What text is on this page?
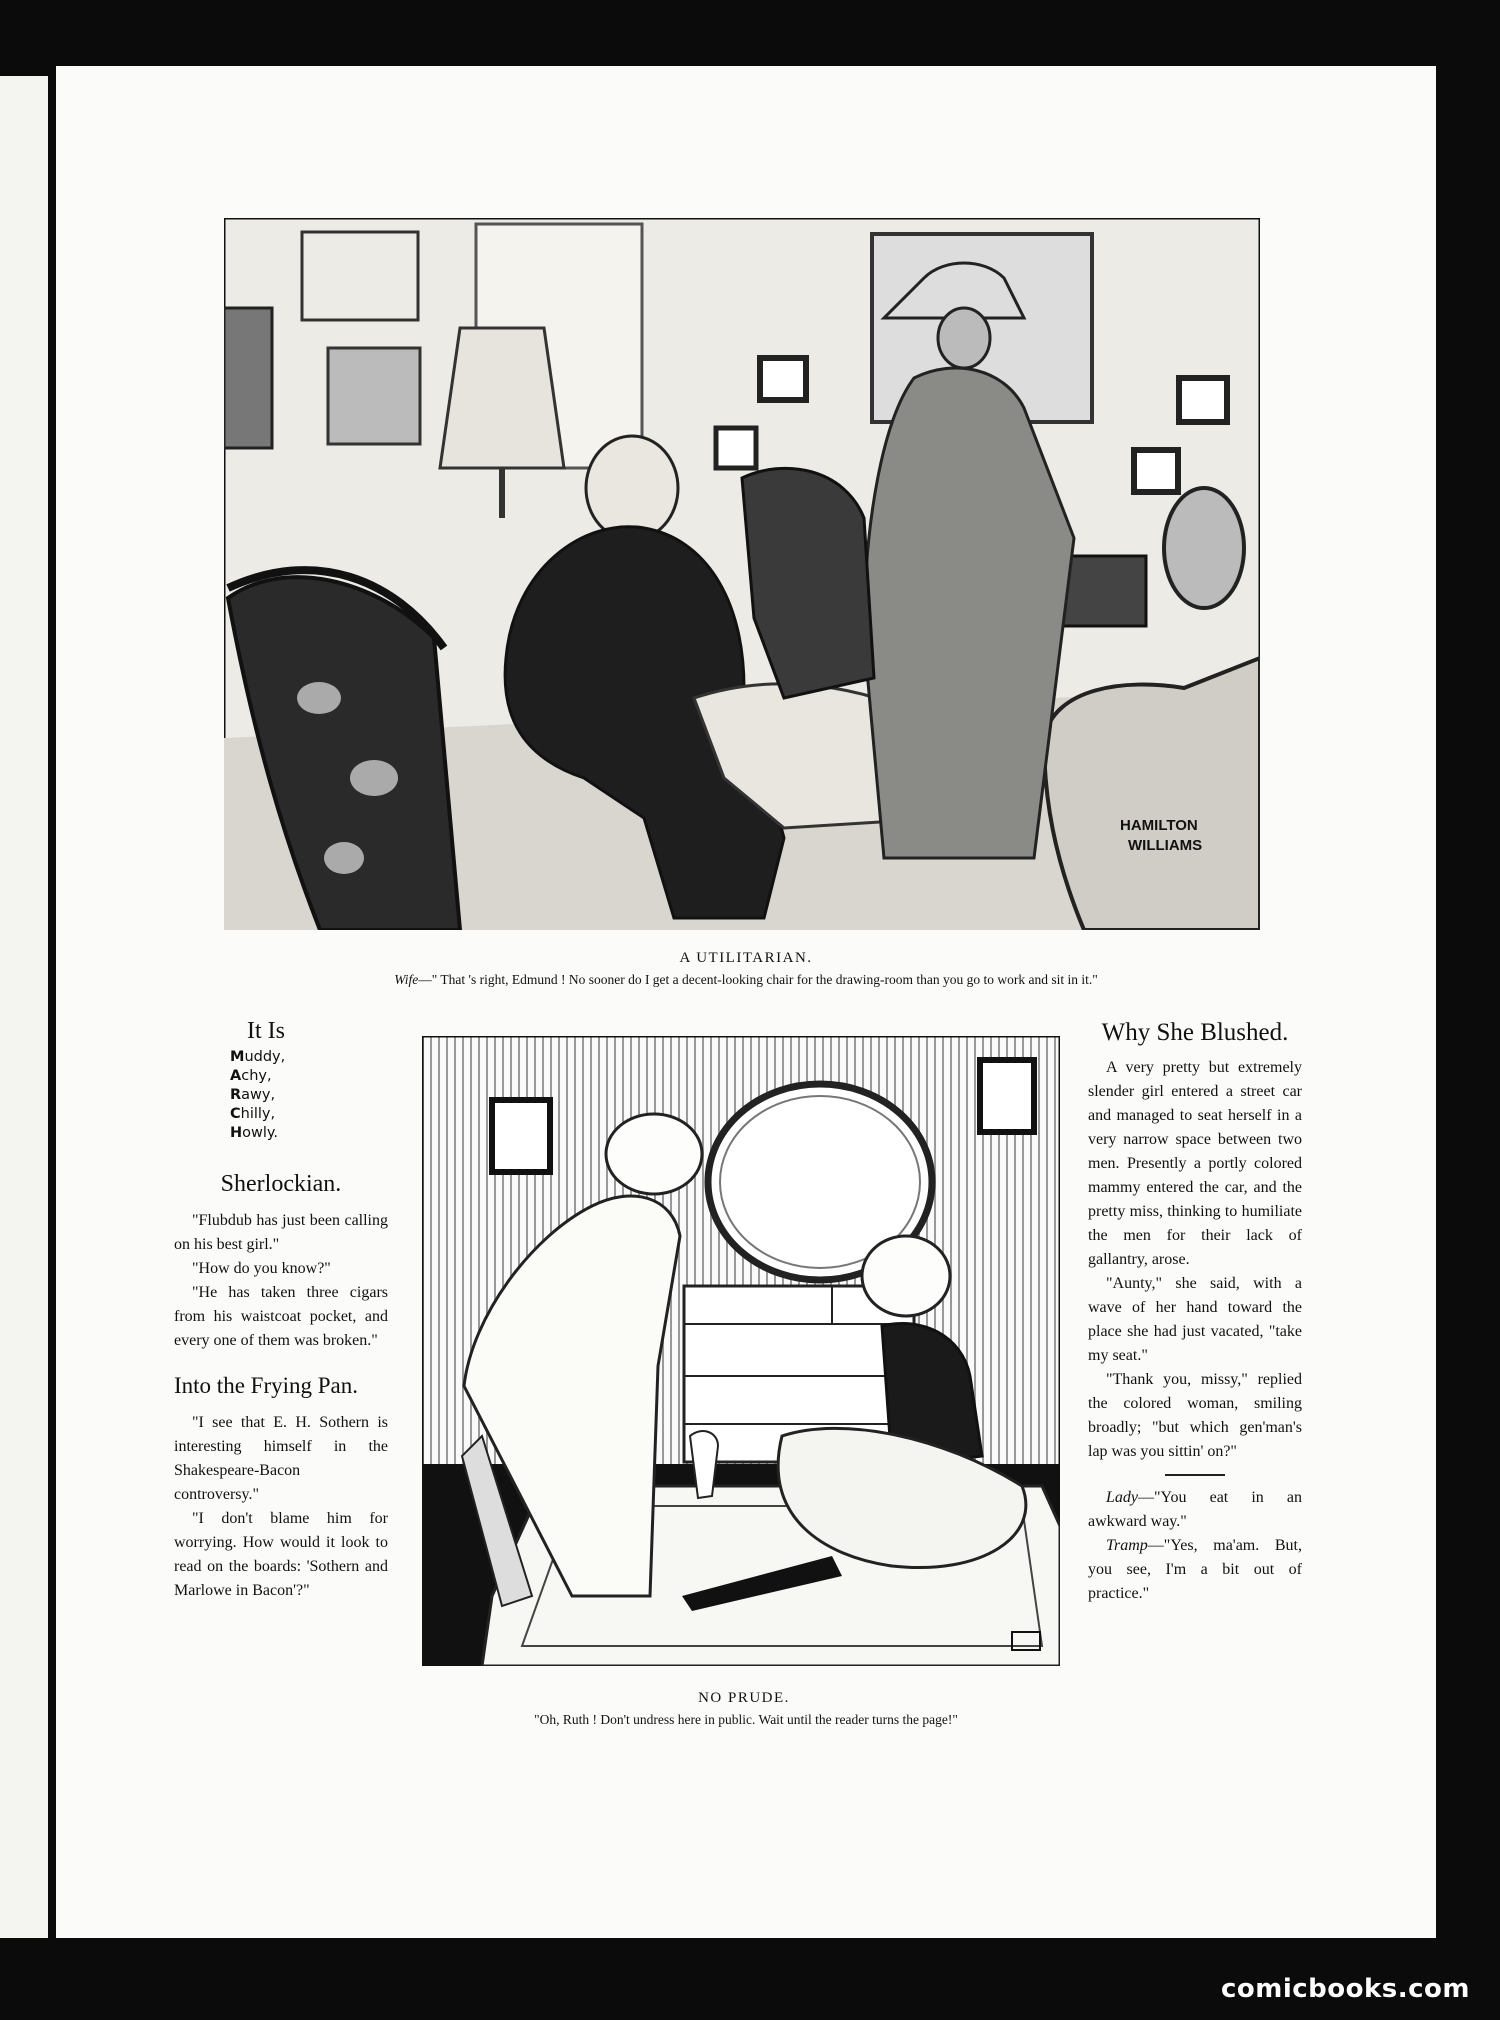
HAMILTON
WILLIAMS
A UTILITARIAN.
Wife—" That 's right, Edmund ! No sooner do I get a decent-looking chair for the drawing-room than you go to work and sit in it."
It Is
Muddy,
Achy,
Rawy,
Chilly,
Howly.
Sherlockian.

"Flubdub has just been calling on his best girl."

"How do you know?"

"He has taken three cigars from his waistcoat pocket, and every one of them was broken."

Into the Frying Pan.

"I see that E. H. Sothern is interesting himself in the Shakespeare-Bacon controversy."

"I don't blame him for worrying. How would it look to read on the boards: 'Sothern and Marlowe in Bacon'?"

NO PRUDE.
"Oh, Ruth ! Don't undress here in public. Wait until the reader turns the page!"
Why She Blushed.

A very pretty but extremely slender girl entered a street car and managed to seat herself in a very narrow space between two men. Presently a portly colored mammy entered the car, and the pretty miss, thinking to humiliate the men for their lack of gallantry, arose.

"Aunty," she said, with a wave of her hand toward the place she had just vacated, "take my seat."

"Thank you, missy," replied the colored woman, smiling broadly; "but which gen'man's lap was you sittin' on?"

Lady—"You eat in an awkward way."

Tramp—"Yes, ma'am. But, you see, I'm a bit out of practice."

comicbooks.com
